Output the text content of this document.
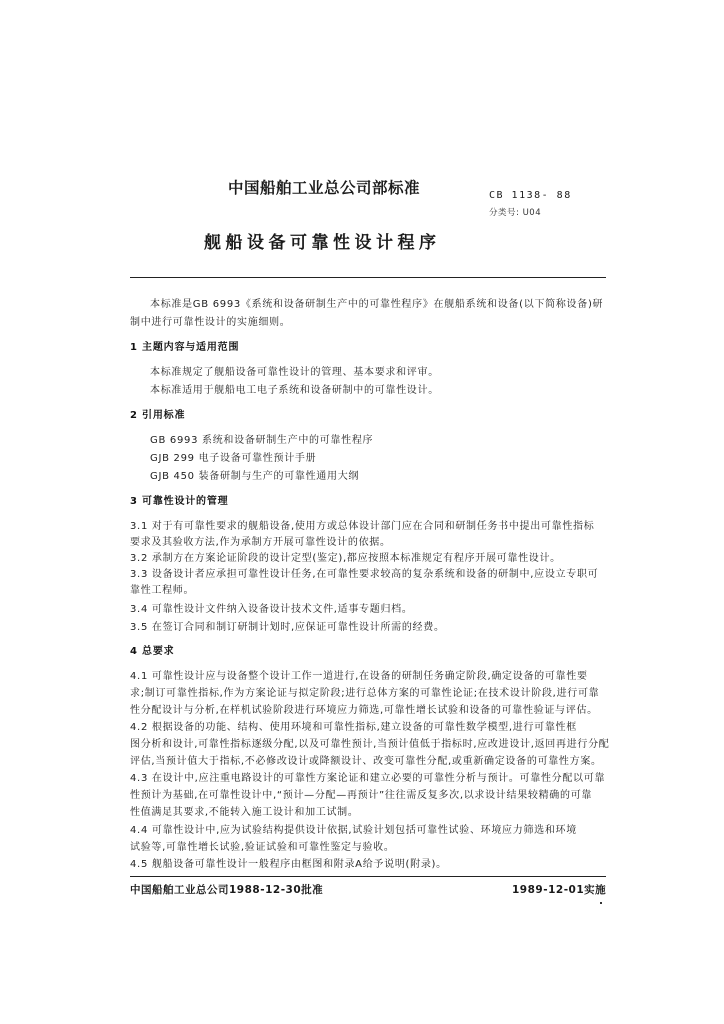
中国船舶工业总公司部标准	CB 1138- 88
分类号: U04
舰船设备可靠性设计程序
本标准是GB 6993《系统和设备研制生产中的可靠性程序》在舰船系统和设备(以下简称设备)研
制中进行可靠性设计的实施细则。
1 主题内容与适用范围
本标准规定了舰船设备可靠性设计的管理、基本要求和评审。
本标准适用于舰船电工电子系统和设备研制中的可靠性设计。
2 引用标准
GB 6993 系统和设备研制生产中的可靠性程序
GJB 299 电子设备可靠性预计手册
GJB 450 装备研制与生产的可靠性通用大纲
3 可靠性设计的管理
3.1 对于有可靠性要求的舰船设备,使用方或总体设计部门应在合同和研制任务书中提出可靠性指标
要求及其验收方法,作为承制方开展可靠性设计的依据。
3.2 承制方在方案论证阶段的设计定型(鉴定),都应按照本标准规定有程序开展可靠性设计。
3.3 设备设计者应承担可靠性设计任务,在可靠性要求较高的复杂系统和设备的研制中,应设立专职可
靠性工程师。
3.4 可靠性设计文件纳入设备设计技术文件,适事专题归档。
3.5 在签订合同和制订研制计划时,应保证可靠性设计所需的经费。
4 总要求
4.1 可靠性设计应与设备整个设计工作一道进行,在设备的研制任务确定阶段,确定设备的可靠性要
求;制订可靠性指标,作为方案论证与拟定阶段;进行总体方案的可靠性论证;在技术设计阶段,进行可靠
性分配设计与分析,在样机试验阶段进行环境应力筛选,可靠性增长试验和设备的可靠性验证与评估。
4.2 根据设备的功能、结构、使用环境和可靠性指标,建立设备的可靠性数学模型,进行可靠性框
图分析和设计,可靠性指标逐级分配,以及可靠性预计,当预计值低于指标时,应改进设计,返回再进行分配
评估,当预计值大于指标,不必修改设计或降额设计、改变可靠性分配,或重新确定设备的可靠性方案。
4.3 在设计中,应注重电路设计的可靠性方案论证和建立必要的可靠性分析与预计。可靠性分配以可靠
性预计为基础,在可靠性设计中,“预计—分配—再预计”往往需反复多次,以求设计结果较精确的可靠
性值满足其要求,不能转入施工设计和加工试制。
4.4 可靠性设计中,应为试验结构提供设计依据,试验计划包括可靠性试验、环境应力筛选和环境
试验等,可靠性增长试验,验证试验和可靠性鉴定与验收。
4.5 舰船设备可靠性设计一般程序由框图和附录A给予说明(附录)。
中国船舶工业总公司1988-12-30批准	1989-12-01实施
